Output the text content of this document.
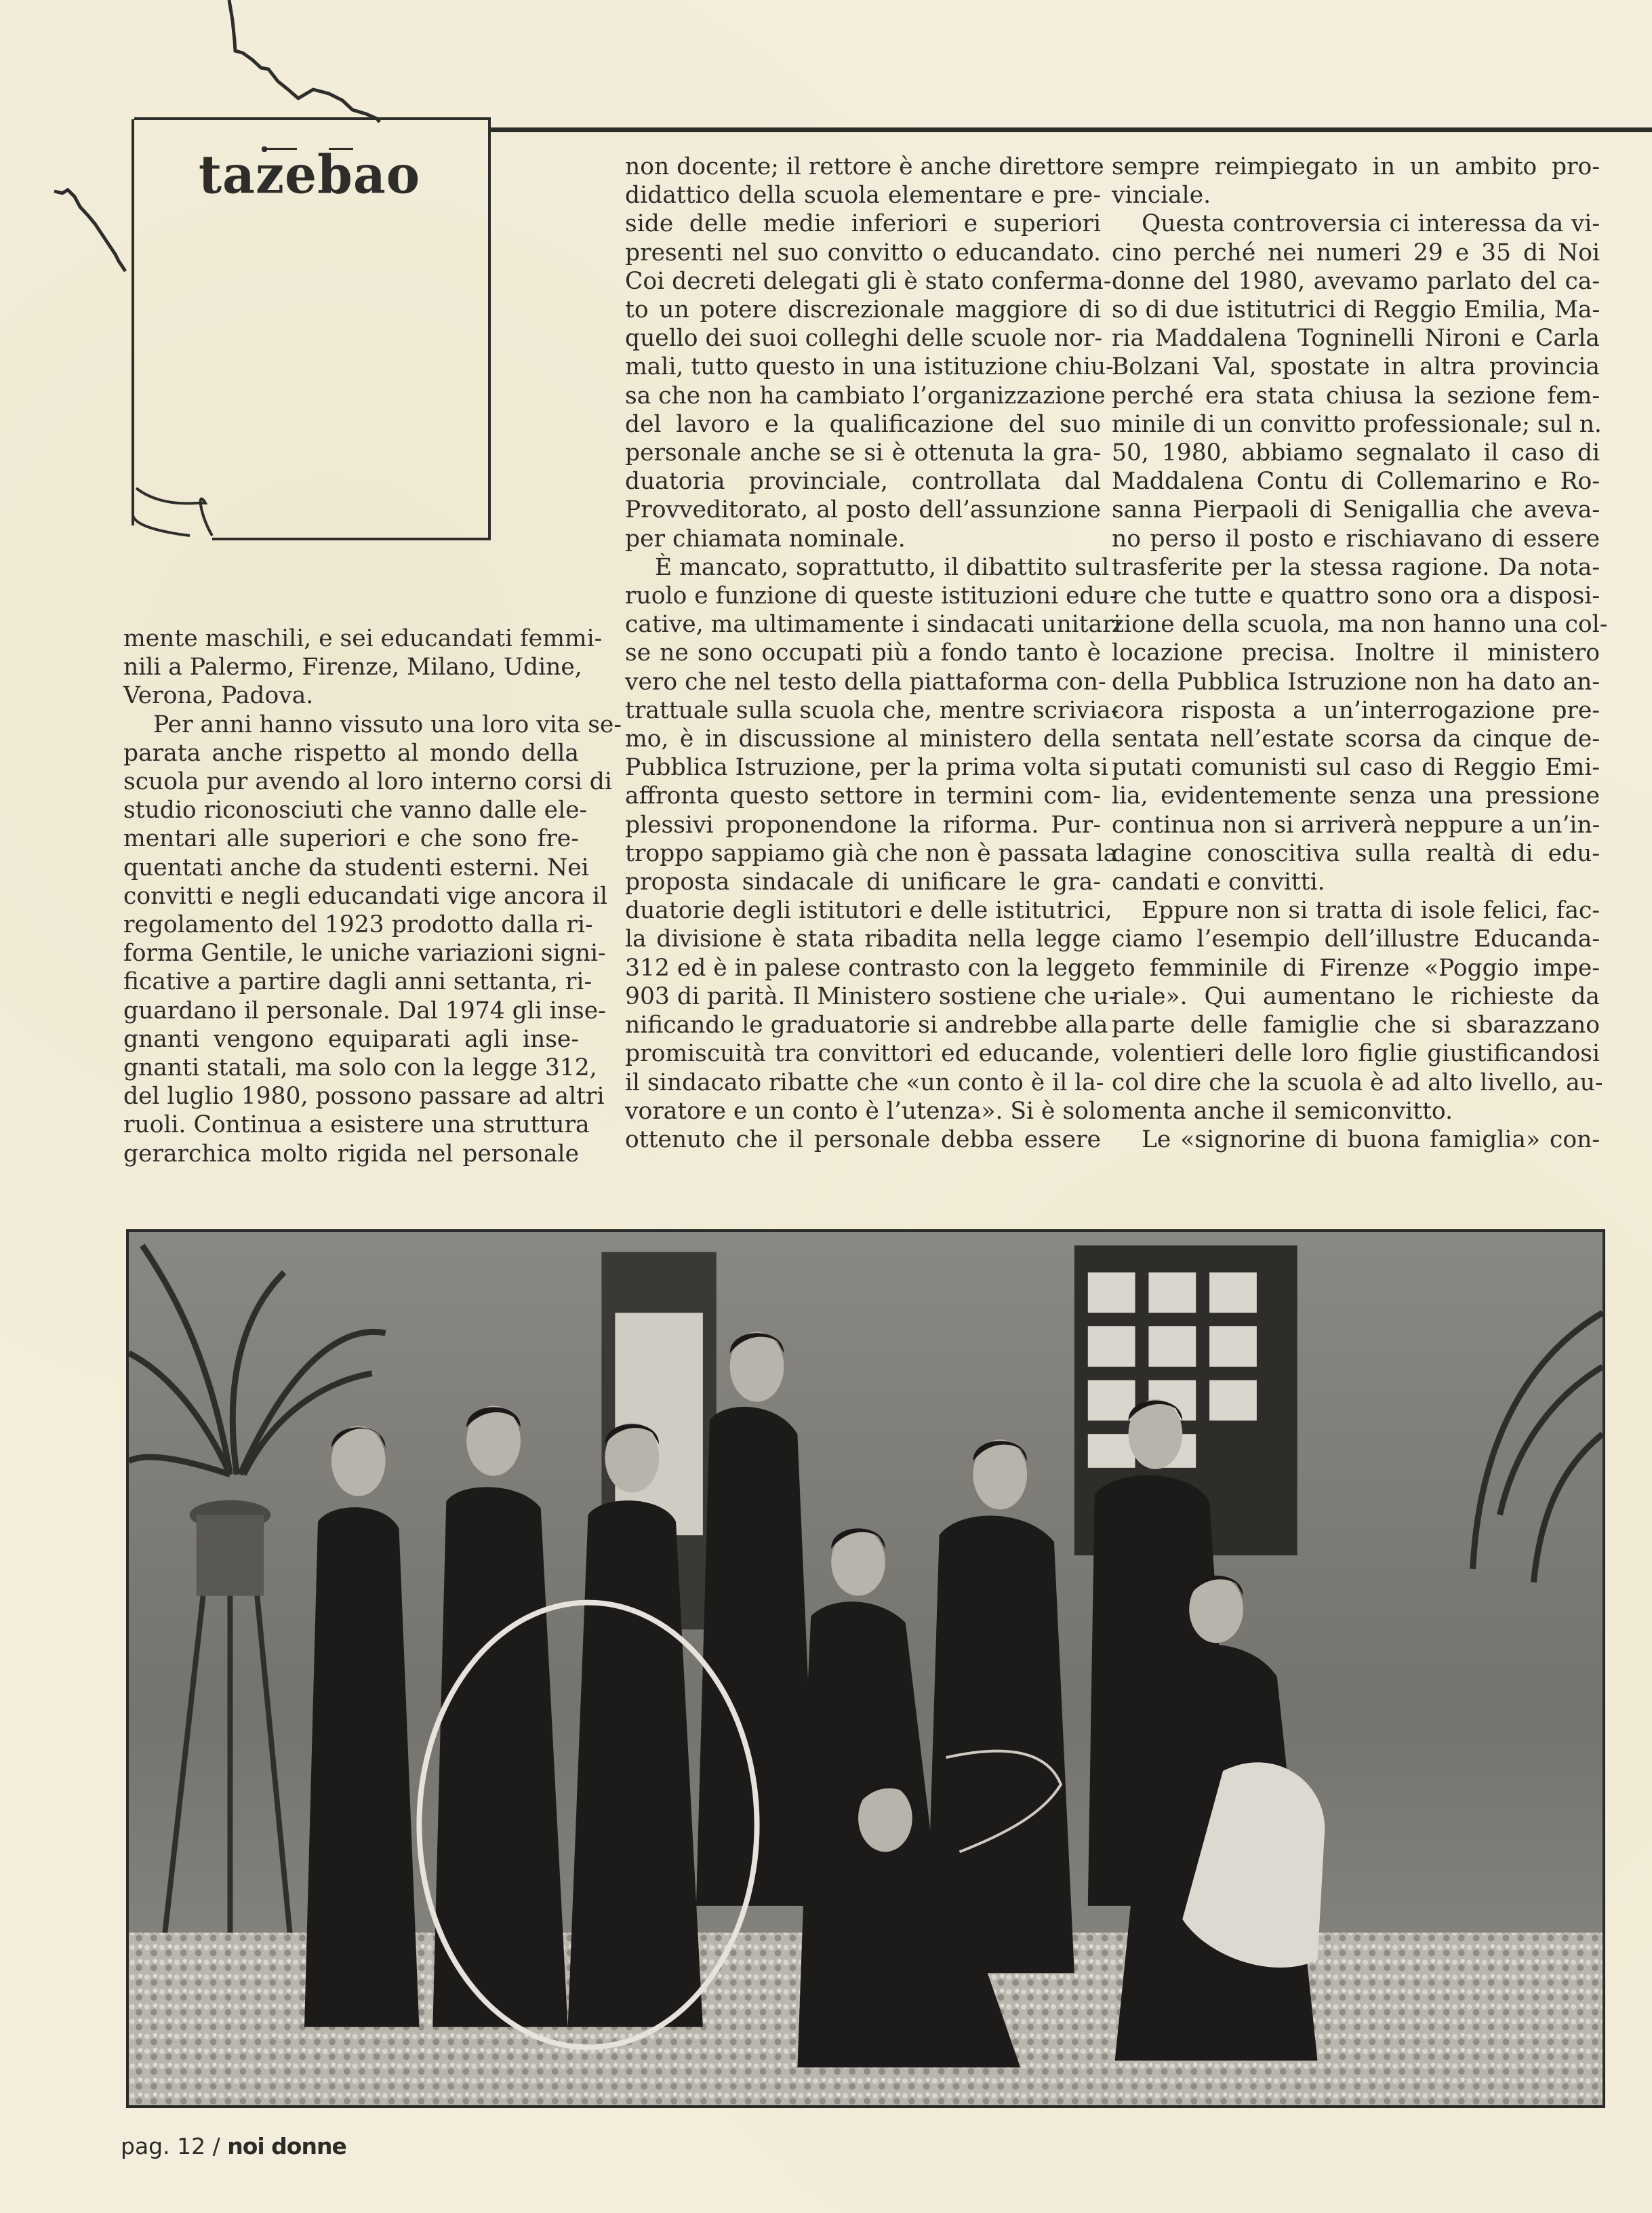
tazebao

mente maschili, e sei educandati femmi-
nili a Palermo, Firenze, Milano, Udine,
Verona, Padova.

Per anni hanno vissuto una loro vita se-
parata anche rispetto al mondo della
scuola pur avendo al loro interno corsi di
studio riconosciuti che vanno dalle ele-
mentari alle superiori e che sono fre-
quentati anche da studenti esterni. Nei
convitti e negli educandati vige ancora il
regolamento del 1923 prodotto dalla ri-
forma Gentile, le uniche variazioni signi-
ficative a partire dagli anni settanta, ri-
guardano il personale. Dal 1974 gli inse-
gnanti vengono equiparati agli inse-
gnanti statali, ma solo con la legge 312,
del luglio 1980, possono passare ad altri
ruoli. Continua a esistere una struttura
gerarchica molto rigida nel personale

non docente; il rettore è anche direttore
didattico della scuola elementare e pre-
side delle medie inferiori e superiori
presenti nel suo convitto o educandato.
Coi decreti delegati gli è stato conferma-
to un potere discrezionale maggiore di
quello dei suoi colleghi delle scuole nor-
mali, tutto questo in una istituzione chiu-
sa che non ha cambiato l’organizzazione
del lavoro e la qualificazione del suo
personale anche se si è ottenuta la gra-
duatoria provinciale, controllata dal
Provveditorato, al posto dell’assunzione
per chiamata nominale.

È mancato, soprattutto, il dibattito sul
ruolo e funzione di queste istituzioni edu-
cative, ma ultimamente i sindacati unitari
se ne sono occupati più a fondo tanto è
vero che nel testo della piattaforma con-
trattuale sulla scuola che, mentre scrivia-
mo, è in discussione al ministero della
Pubblica Istruzione, per la prima volta si
affronta questo settore in termini com-
plessivi proponendone la riforma. Pur-
troppo sappiamo già che non è passata la
proposta sindacale di unificare le gra-
duatorie degli istitutori e delle istitutrici,
la divisione è stata ribadita nella legge
312 ed è in palese contrasto con la legge
903 di parità. Il Ministero sostiene che u-
nificando le graduatorie si andrebbe alla
promiscuità tra convittori ed educande,
il sindacato ribatte che «un conto è il la-
voratore e un conto è l’utenza». Si è solo
ottenuto che il personale debba essere

sempre reimpiegato in un ambito pro-
vinciale.

Questa controversia ci interessa da vi-
cino perché nei numeri 29 e 35 di Noi
donne del 1980, avevamo parlato del ca-
so di due istitutrici di Reggio Emilia, Ma-
ria Maddalena Togninelli Nironi e Carla
Bolzani Val, spostate in altra provincia
perché era stata chiusa la sezione fem-
minile di un convitto professionale; sul n.
50, 1980, abbiamo segnalato il caso di
Maddalena Contu di Collemarino e Ro-
sanna Pierpaoli di Senigallia che aveva-
no perso il posto e rischiavano di essere
trasferite per la stessa ragione. Da nota-
re che tutte e quattro sono ora a disposi-
zione della scuola, ma non hanno una col-
locazione precisa. Inoltre il ministero
della Pubblica Istruzione non ha dato an-
cora risposta a un’interrogazione pre-
sentata nell’estate scorsa da cinque de-
putati comunisti sul caso di Reggio Emi-
lia, evidentemente senza una pressione
continua non si arriverà neppure a un’in-
dagine conoscitiva sulla realtà di edu-
candati e convitti.

Eppure non si tratta di isole felici, fac-
ciamo l’esempio dell’illustre Educanda-
to femminile di Firenze «Poggio impe-
riale». Qui aumentano le richieste da
parte delle famiglie che si sbarazzano
volentieri delle loro figlie giustificandosi
col dire che la scuola è ad alto livello, au-
menta anche il semiconvitto.

Le «signorine di buona famiglia» con-

pag. 12 / noi donne
